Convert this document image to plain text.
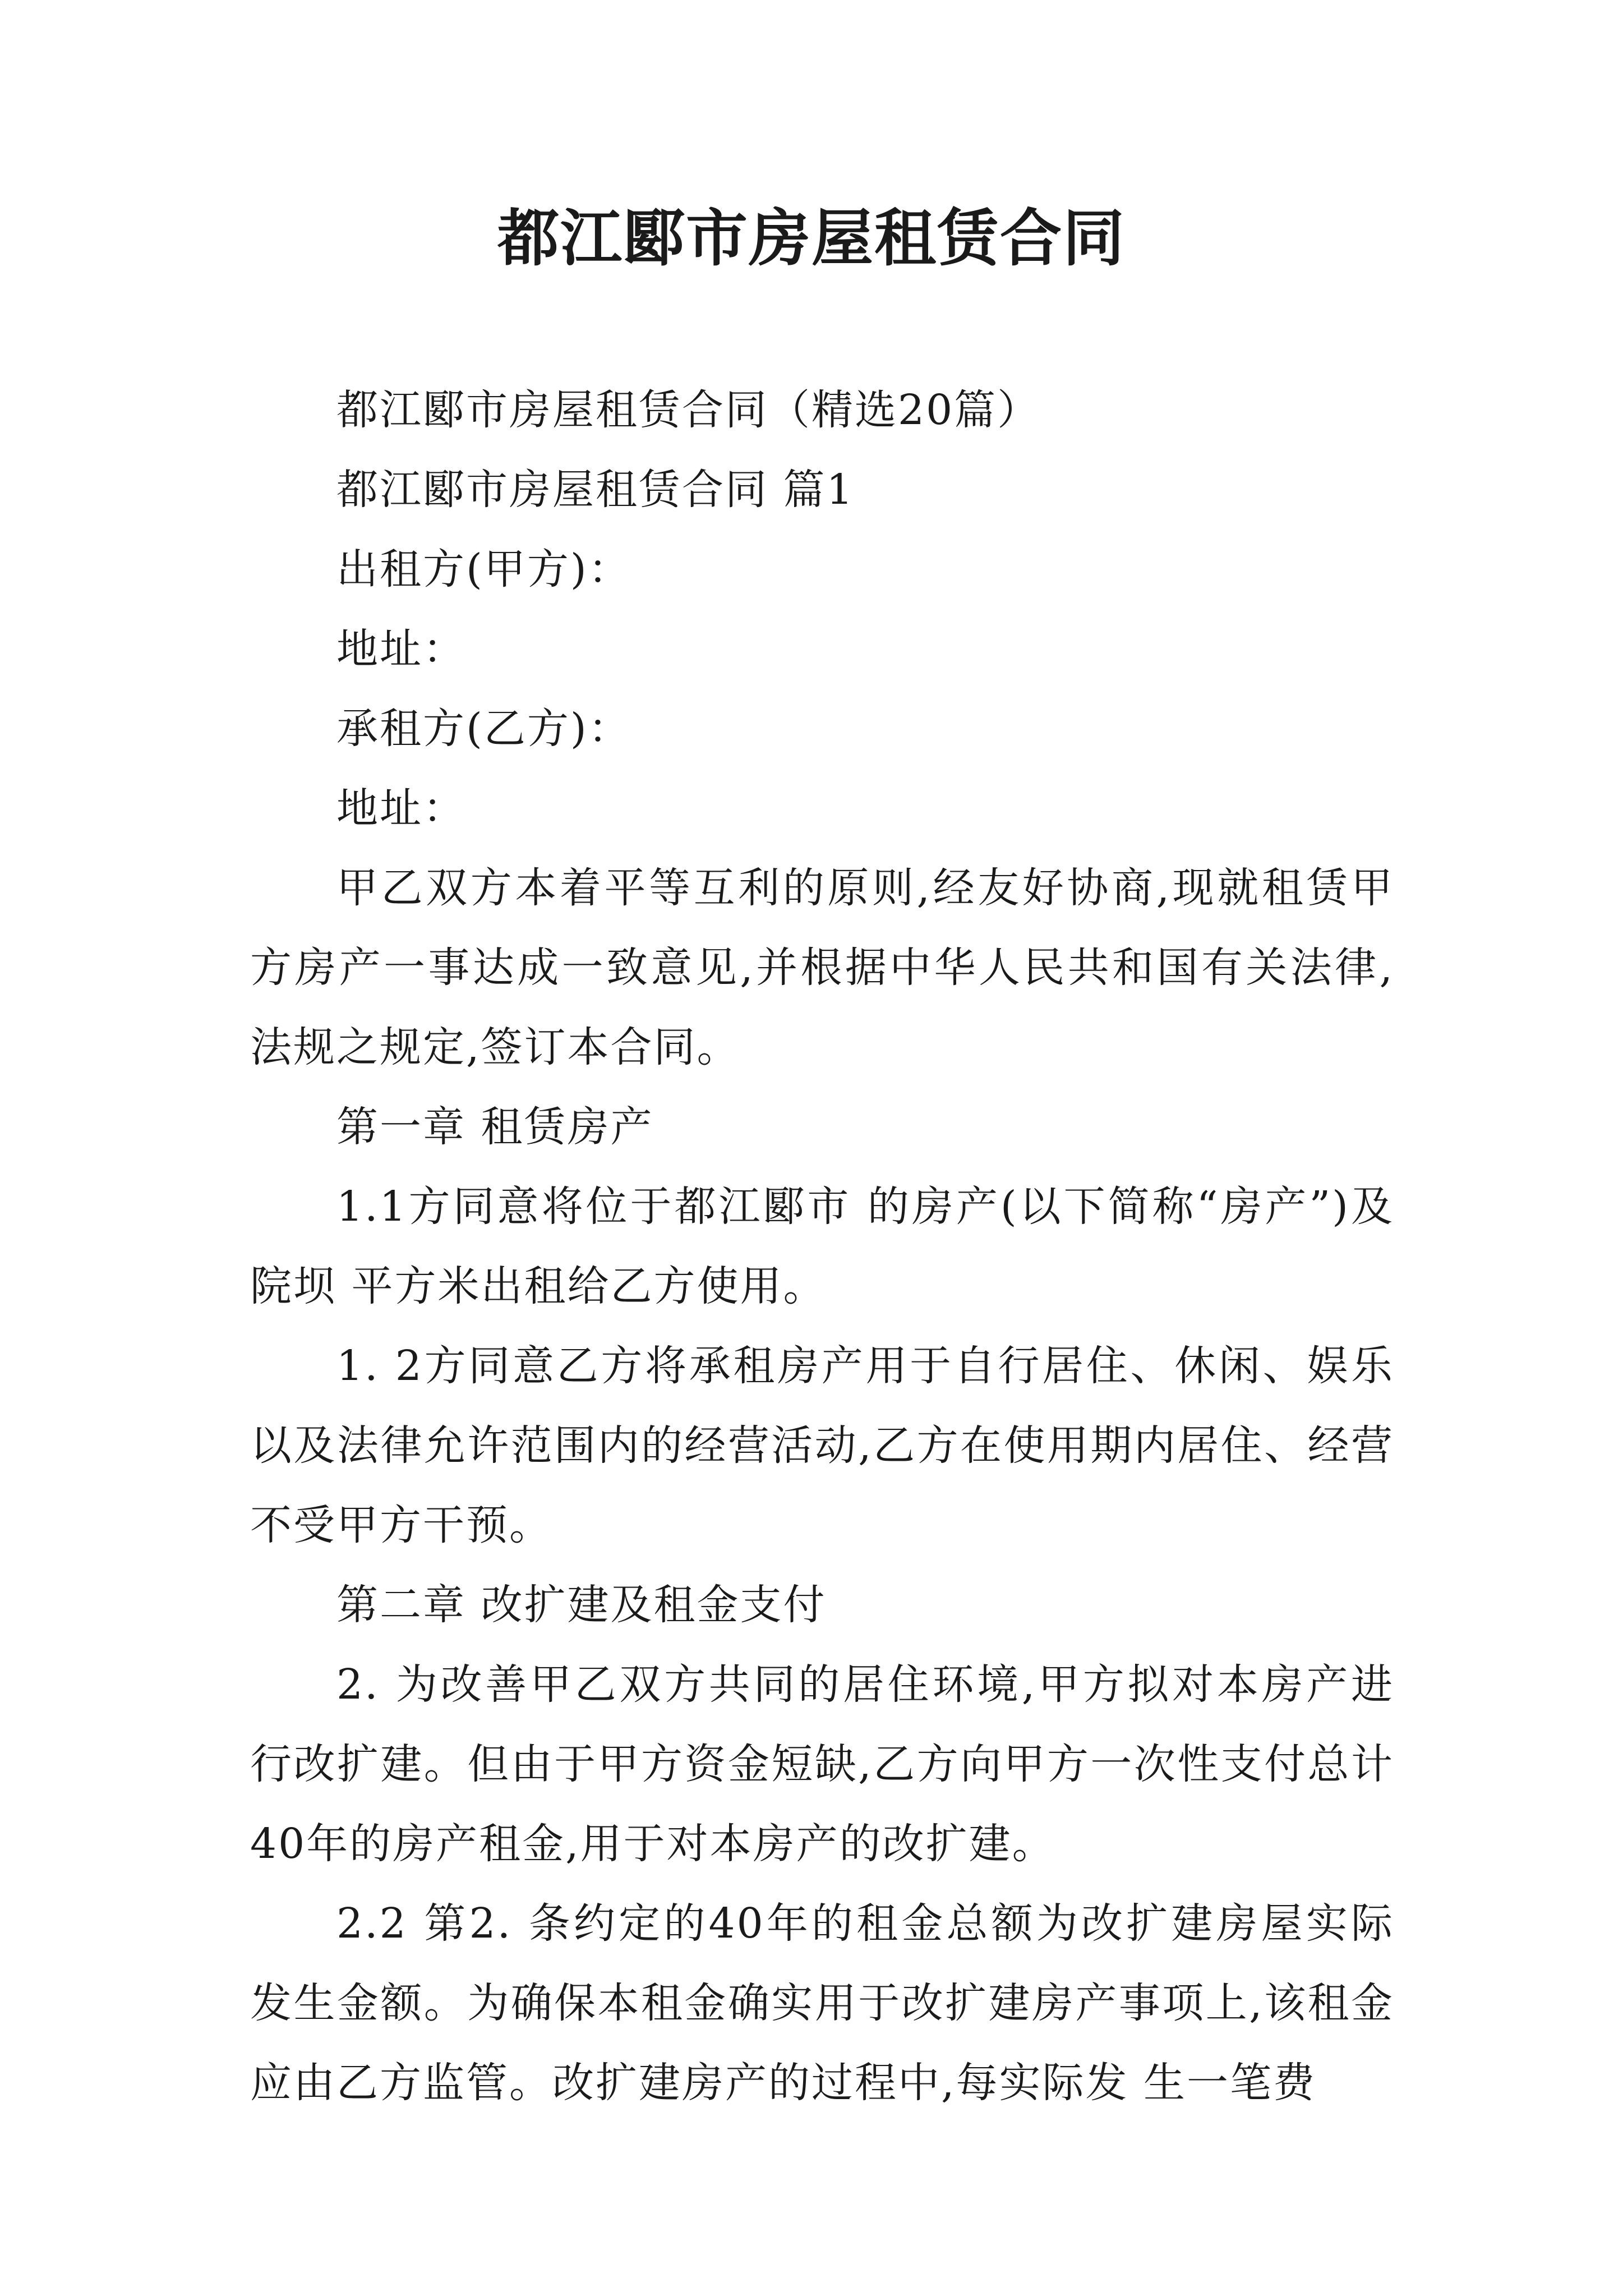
都江郾市房屋租赁合同

都江郾市房屋租赁合同（精选20篇）

都江郾市房屋租赁合同 篇1

出租方(甲方)：

地址：

承租方(乙方)：

地址：

甲乙双方本着平等互利的原则,经友好协商,现就租赁甲方房产一事达成一致意见,并根据中华人民共和国有关法律,法规之规定,签订本合同。

第一章 租赁房产

1.1方同意将位于都江郾市 的房产(以下简称“房产”)及院坝 平方米出租给乙方使用。

1. 2方同意乙方将承租房产用于自行居住、休闲、娱乐以及法律允许范围内的经营活动,乙方在使用期内居住、经营不受甲方干预。

第二章 改扩建及租金支付

2. 为改善甲乙双方共同的居住环境,甲方拟对本房产进行改扩建。但由于甲方资金短缺,乙方向甲方一次性支付总计40年的房产租金,用于对本房产的改扩建。

2.2 第2. 条约定的40年的租金总额为改扩建房屋实际发生金额。为确保本租金确实用于改扩建房产事项上,该租金应由乙方监管。改扩建房产的过程中,每实际发 生一笔费
